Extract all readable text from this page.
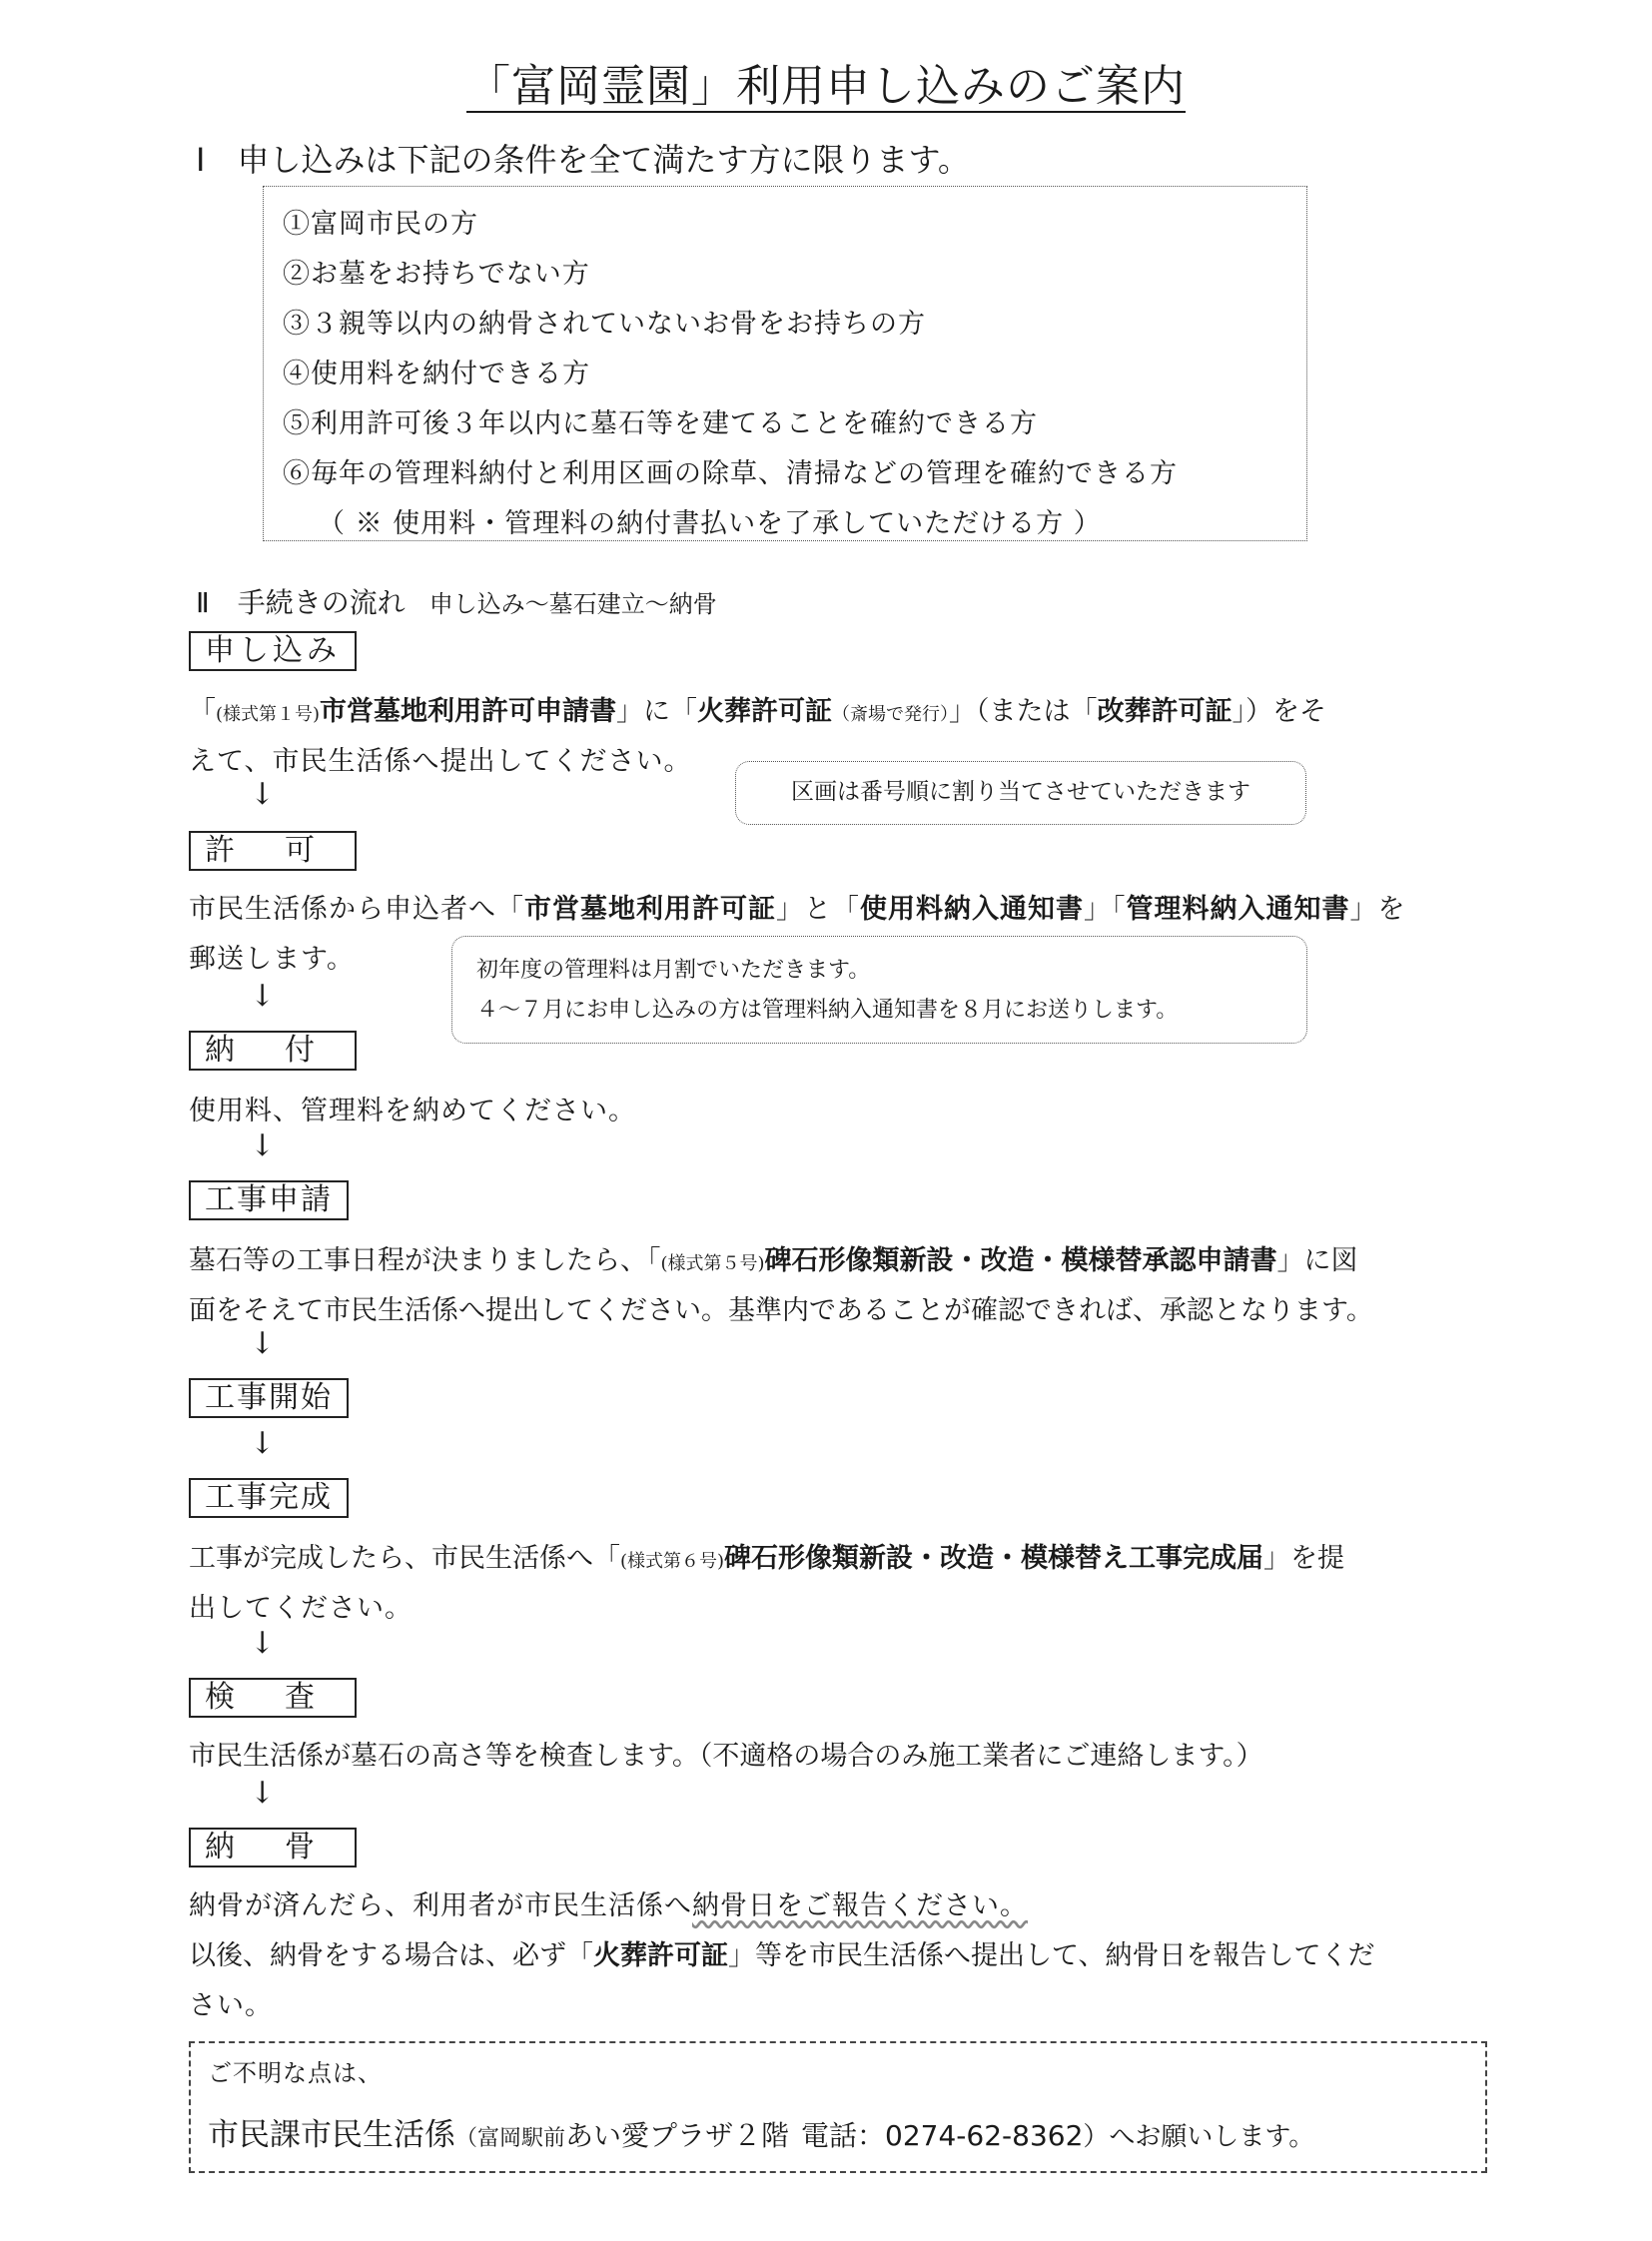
「富岡霊園」利用申し込みのご案内
Ⅰ　申し込みは下記の条件を全て満たす方に限ります。
①富岡市民の方
②お墓をお持ちでない方
③３親等以内の納骨されていないお骨をお持ちの方
④使用料を納付できる方
⑤利用許可後３年以内に墓石等を建てることを確約できる方
⑥毎年の管理料納付と利用区画の除草、清掃などの管理を確約できる方
（ ※ 使用料・管理料の納付書払いを了承していただける方 ）
Ⅱ　手続きの流れ 申し込み～墓石建立～納骨
申し込み
「(様式第１号)市営墓地利用許可申請書」に「火葬許可証（斎場で発行）」（または「改葬許可証」）をそ
えて、市民生活係へ提出してください。
区画は番号順に割り当てさせていただきます
↓
許　可
市民生活係から申込者へ「市営墓地利用許可証」と「使用料納入通知書」「管理料納入通知書」を
郵送します。	初年度の管理料は月割でいただきます。
４～７月にお申し込みの方は管理料納入通知書を８月にお送りします。
↓
納　付
使用料、管理料を納めてください。
↓
工事申請
墓石等の工事日程が決まりましたら、「(様式第５号)碑石形像類新設・改造・模様替承認申請書」に図
面をそえて市民生活係へ提出してください。基準内であることが確認できれば、承認となります。
↓
工事開始
↓
工事完成
工事が完成したら、市民生活係へ「(様式第６号)碑石形像類新設・改造・模様替え工事完成届」を提
出してください。
↓
検　査
市民生活係が墓石の高さ等を検査します。（不適格の場合のみ施工業者にご連絡します。）
↓
納　骨
納骨が済んだら、利用者が市民生活係へ納骨日をご報告ください。
以後、納骨をする場合は、必ず「火葬許可証」等を市民生活係へ提出して、納骨日を報告してくだ
さい。
ご不明な点は、
市民課市民生活係（富岡駅前あい愛プラザ２階 電話：0274-62-8362）へお願いします。
